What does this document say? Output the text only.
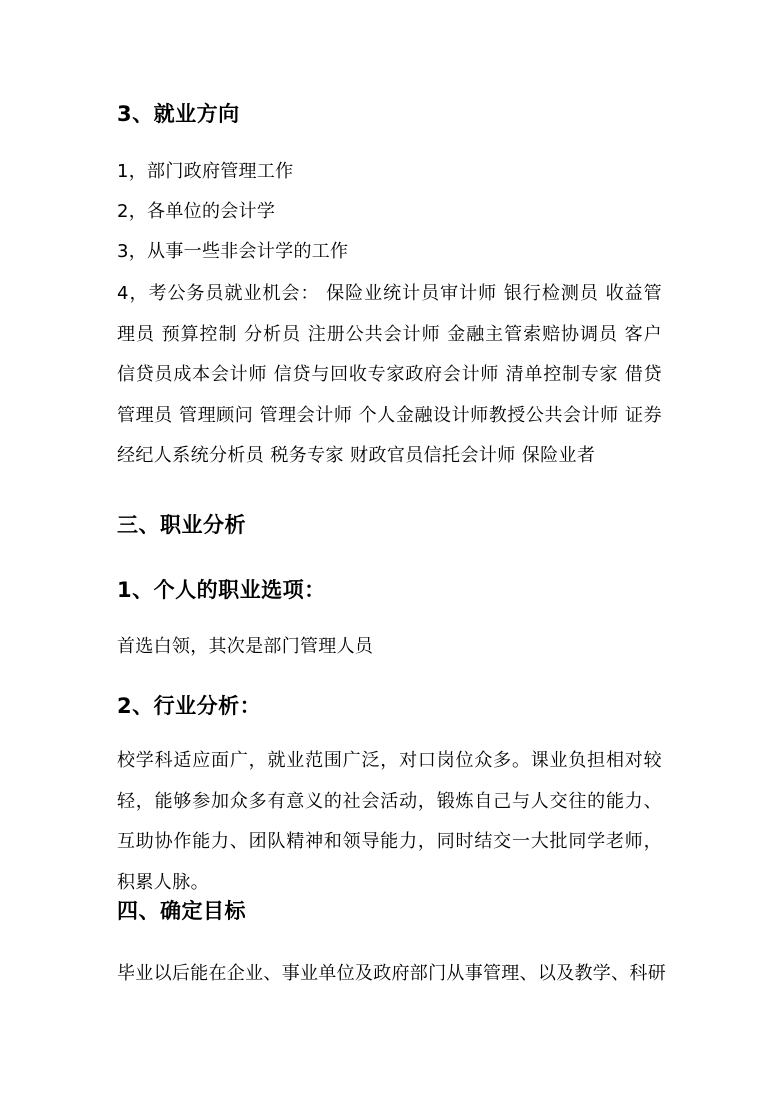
3、就业方向
1，部门政府管理工作
2，各单位的会计学
3，从事一些非会计学的工作
4，考公务员就业机会： 保险业统计员审计师 银行检测员 收益管理员 预算控制 分析员 注册公共会计师 金融主管索赔协调员 客户信贷员成本会计师 信贷与回收专家政府会计师 清单控制专家 借贷管理员 管理顾问 管理会计师 个人金融设计师教授公共会计师 证券经纪人系统分析员 税务专家 财政官员信托会计师 保险业者
三、职业分析
1、个人的职业选项：
首选白领，其次是部门管理人员
2、行业分析：
校学科适应面广，就业范围广泛，对口岗位众多。课业负担相对较轻，能够参加众多有意义的社会活动，锻炼自己与人交往的能力、互助协作能力、团队精神和领导能力，同时结交一大批同学老师，积累人脉。
四、确定目标
毕业以后能在企业、事业单位及政府部门从事管理、以及教学、科研
